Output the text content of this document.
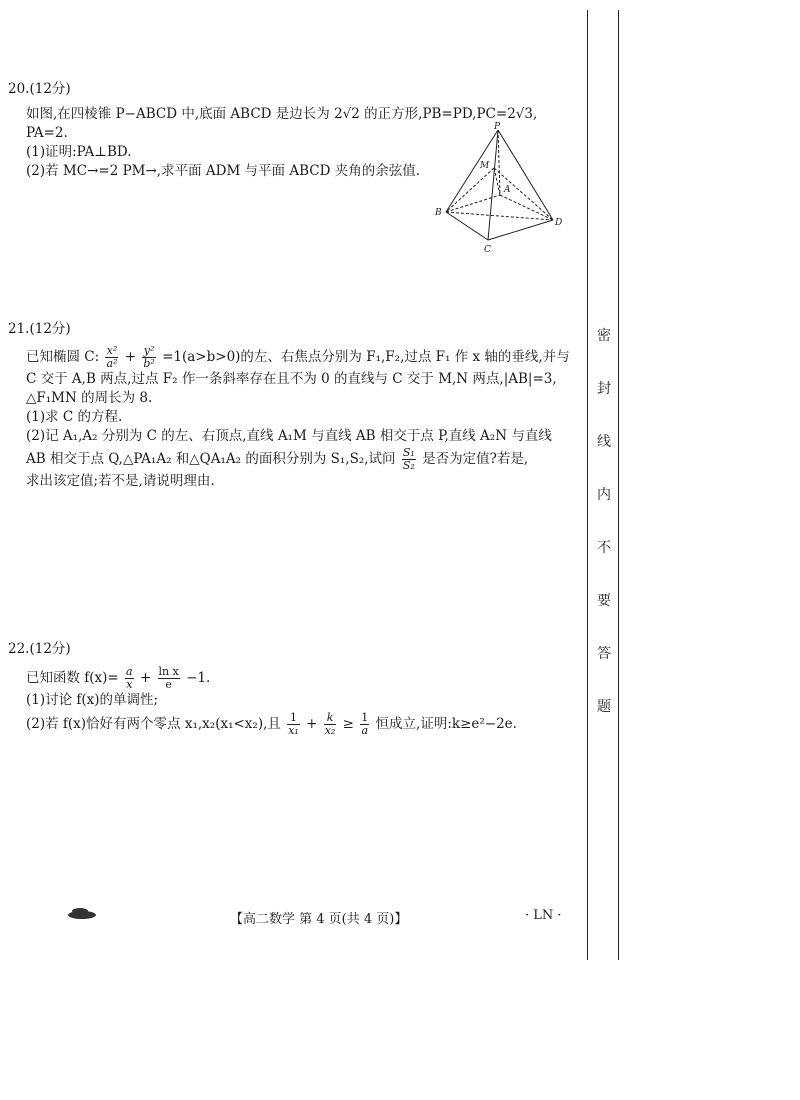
密
封
线
内
不
要
答
题
20.(12分)
如图,在四棱锥 P−ABCD 中,底面 ABCD 是边长为 2√2 的正方形,PB=PD,PC=2√3,
PA=2.
(1)证明:PA⊥BD.
(2)若 MC→=2 PM→,求平面 ADM 与平面 ABCD 夹角的余弦值.
P
M
A
B
C
D
21.(12分)
已知椭圆 C: $\frac{\text{x²}}{\text{a²}} + \frac{\text{y²}}{\text{b²}} =1(a>b>0)$的左、右焦点分别为 F₁,F₂,过点 F₁ 作 x 轴的垂线,并与
C 交于 A,B 两点,过点 F₂ 作一条斜率存在且不为 0 的直线与 C 交于 M,N 两点,|AB|=3,
△F₁MN 的周长为 8.
(1)求 C 的方程.
(2)记 A₁,A₂ 分别为 C 的左、右顶点,直线 A₁M 与直线 AB 相交于点 P,直线 A₂N 与直线
AB 相交于点 Q,△PA₁A₂ 和△QA₁A₂ 的面积分别为 S₁,S₂,试问 $\frac{\text{S₁}}{\text{S₂}}$ 是否为定值?若是,
求出该定值;若不是,请说明理由.
22.(12分)
已知函数 $f(x)= \frac{a}{x} + \frac{\text{ln x}}{e} -1$.
(1)讨论 f(x)的单调性;
(2)若 f(x)恰好有两个零点 x₁,x₂(x₁<x₂),且 $\frac{1}{\text{x₁}} + \frac{k}{\text{x₂}} \ge \frac{1}{a}$ 恒成立,证明:k≥e²−2e.
【高二数学 第 4 页(共 4 页)】	· LN ·
